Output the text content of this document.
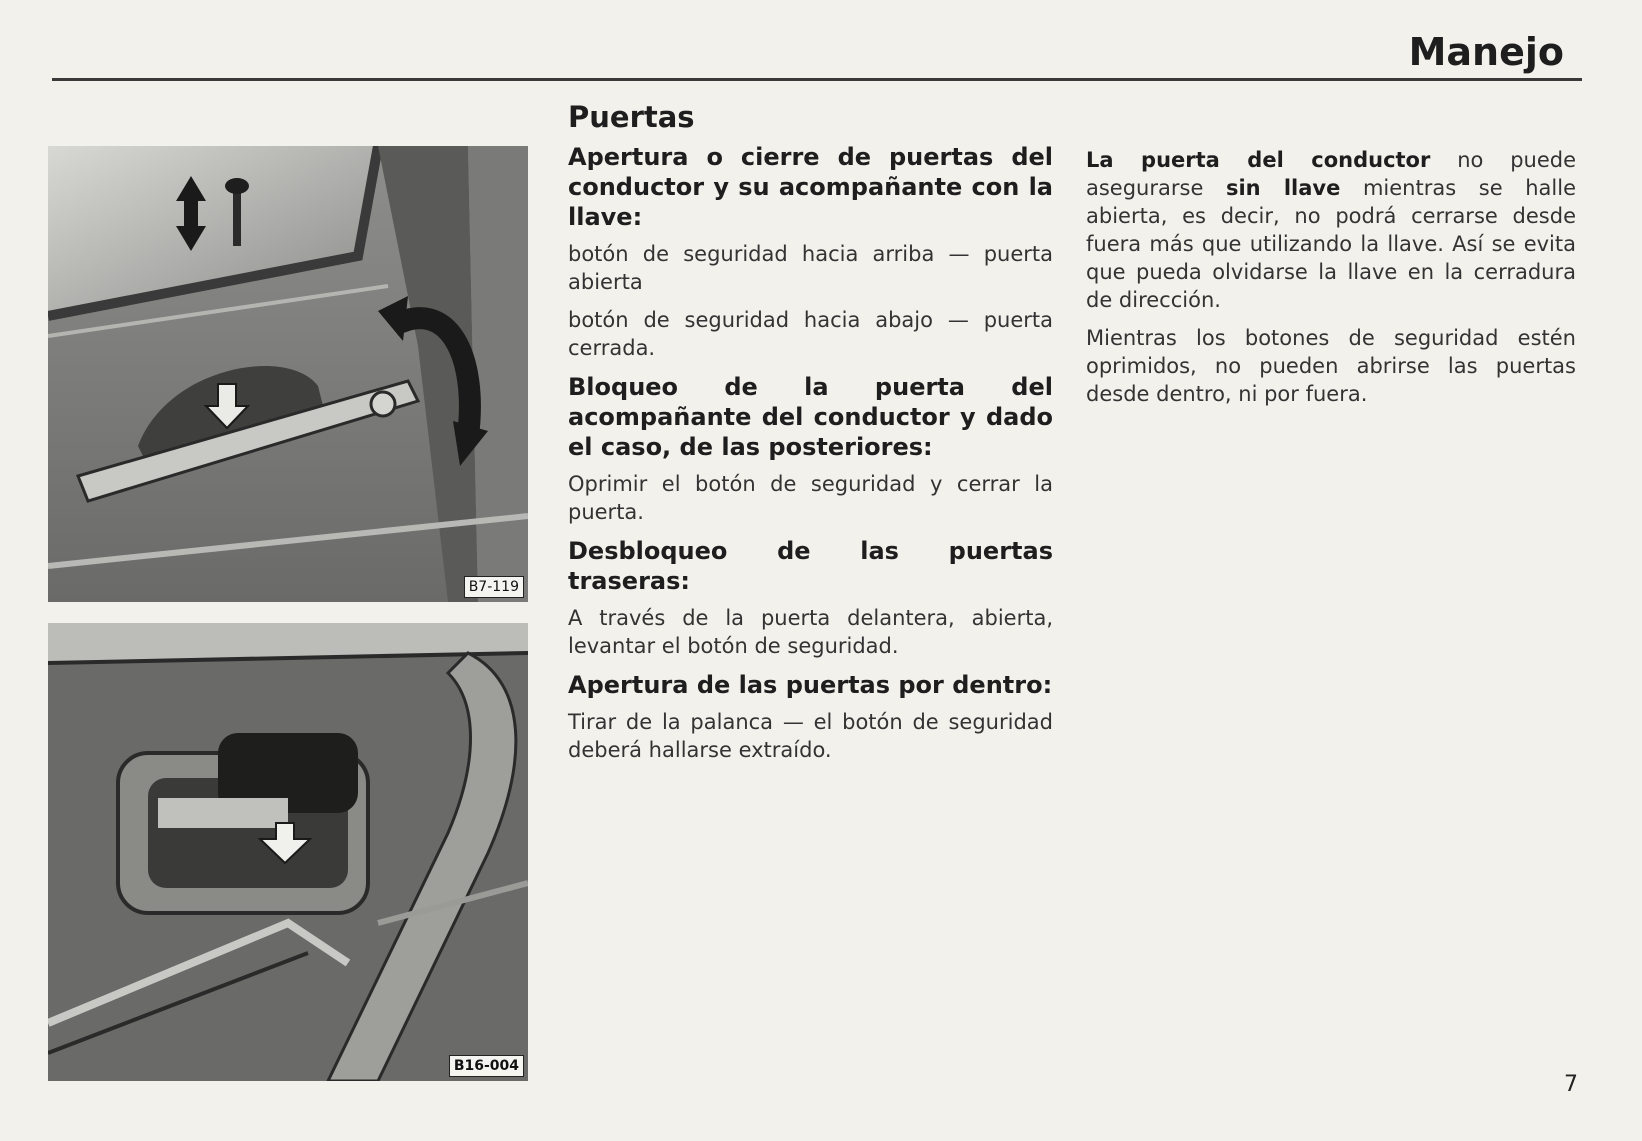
Manejo
B7-119
B16-004
Puertas
Apertura o cierre de puertas del conductor y su acompañante con la llave:

botón de seguridad hacia arriba — puerta abierta

botón de seguridad hacia abajo — puerta cerrada.

Bloqueo de la puerta del acompañante del conductor y dado el caso, de las posteriores:

Oprimir el botón de seguridad y cerrar la puerta.

Desbloqueo de las puertas traseras:

A través de la puerta delantera, abierta, levantar el botón de seguridad.

Apertura de las puertas por dentro:

Tirar de la palanca — el botón de seguridad deberá hallarse extraído.

La puerta del conductor no puede asegurarse sin llave mientras se halle abierta, es decir, no podrá cerrarse desde fuera más que utilizando la llave. Así se evita que pueda olvidarse la llave en la cerradura de dirección.

Mientras los botones de seguridad estén oprimidos, no pueden abrirse las puertas desde dentro, ni por fuera.

7
